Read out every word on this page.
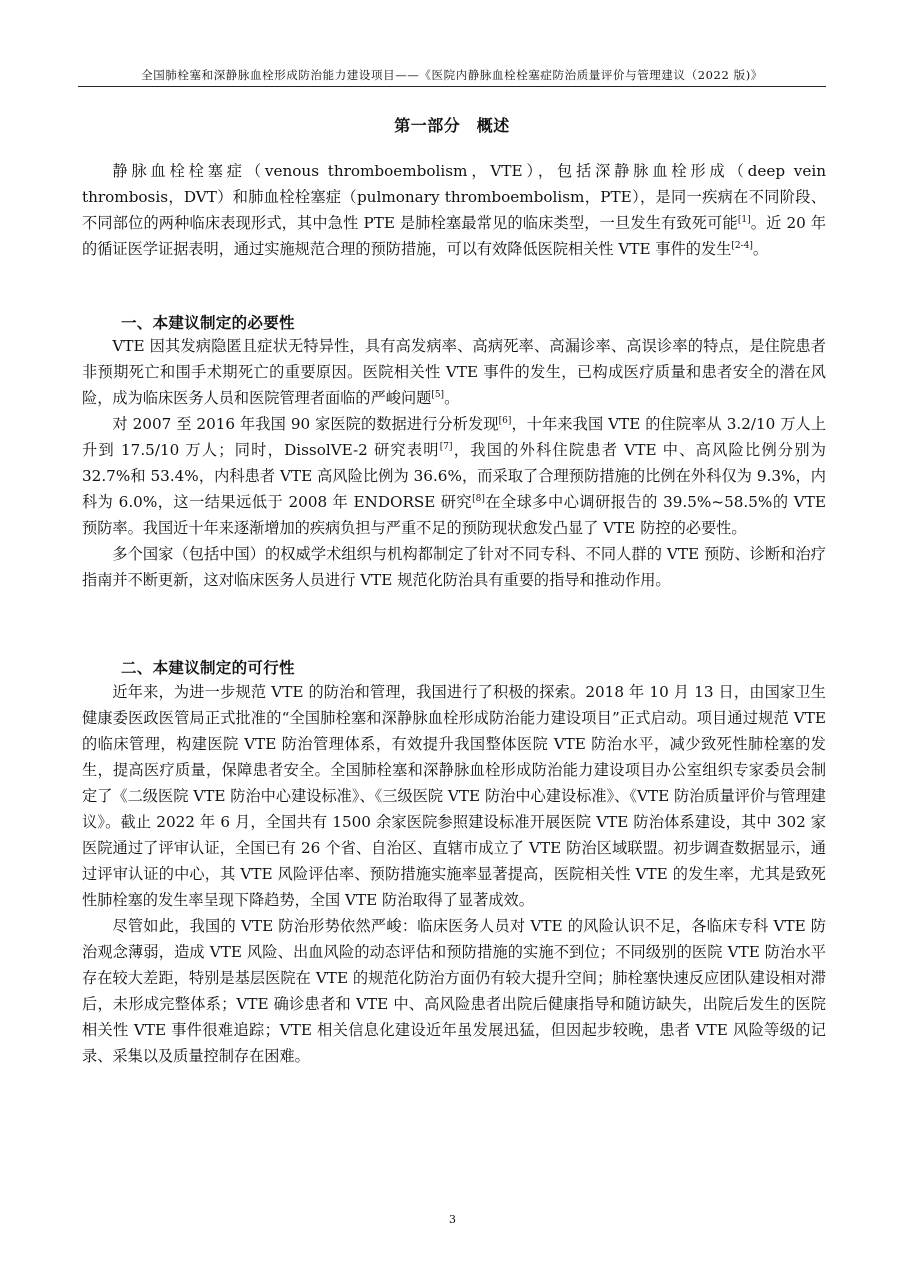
全国肺栓塞和深静脉血栓形成防治能力建设项目——《医院内静脉血栓栓塞症防治质量评价与管理建议（2022 版)》
第一部分　概述

静脉血栓栓塞症（venous thromboembolism，VTE），包括深静脉血栓形成（deep vein thrombosis，DVT）和肺血栓栓塞症（pulmonary thromboembolism，PTE），是同一疾病在不同阶段、不同部位的两种临床表现形式，其中急性 PTE 是肺栓塞最常见的临床类型，一旦发生有致死可能[1]。近 20 年的循证医学证据表明，通过实施规范合理的预防措施，可以有效降低医院相关性 VTE 事件的发生[2-4]。

一、本建议制定的必要性

VTE 因其发病隐匿且症状无特异性，具有高发病率、高病死率、高漏诊率、高误诊率的特点，是住院患者非预期死亡和围手术期死亡的重要原因。医院相关性 VTE 事件的发生，已构成医疗质量和患者安全的潜在风险，成为临床医务人员和医院管理者面临的严峻问题[5]。

对 2007 至 2016 年我国 90 家医院的数据进行分析发现[6]，十年来我国 VTE 的住院率从 3.2/10 万人上升到 17.5/10 万人；同时，DissolVE-2 研究表明[7]，我国的外科住院患者 VTE 中、高风险比例分别为 32.7%和 53.4%，内科患者 VTE 高风险比例为 36.6%，而采取了合理预防措施的比例在外科仅为 9.3%，内科为 6.0%，这一结果远低于 2008 年 ENDORSE 研究[8]在全球多中心调研报告的 39.5%~58.5%的 VTE 预防率。我国近十年来逐渐增加的疾病负担与严重不足的预防现状愈发凸显了 VTE 防控的必要性。

多个国家（包括中国）的权威学术组织与机构都制定了针对不同专科、不同人群的 VTE 预防、诊断和治疗指南并不断更新，这对临床医务人员进行 VTE 规范化防治具有重要的指导和推动作用。

二、本建议制定的可行性

近年来，为进一步规范 VTE 的防治和管理，我国进行了积极的探索。2018 年 10 月 13 日，由国家卫生健康委医政医管局正式批准的“全国肺栓塞和深静脉血栓形成防治能力建设项目”正式启动。项目通过规范 VTE 的临床管理，构建医院 VTE 防治管理体系，有效提升我国整体医院 VTE 防治水平，减少致死性肺栓塞的发生，提高医疗质量，保障患者安全。全国肺栓塞和深静脉血栓形成防治能力建设项目办公室组织专家委员会制定了《二级医院 VTE 防治中心建设标准》、《三级医院 VTE 防治中心建设标准》、《VTE 防治质量评价与管理建议》。截止 2022 年 6 月，全国共有 1500 余家医院参照建设标准开展医院 VTE 防治体系建设，其中 302 家医院通过了评审认证，全国已有 26 个省、自治区、直辖市成立了 VTE 防治区域联盟。初步调查数据显示，通过评审认证的中心，其 VTE 风险评估率、预防措施实施率显著提高，医院相关性 VTE 的发生率，尤其是致死性肺栓塞的发生率呈现下降趋势，全国 VTE 防治取得了显著成效。

尽管如此，我国的 VTE 防治形势依然严峻：临床医务人员对 VTE 的风险认识不足，各临床专科 VTE 防治观念薄弱，造成 VTE 风险、出血风险的动态评估和预防措施的实施不到位；不同级别的医院 VTE 防治水平存在较大差距，特别是基层医院在 VTE 的规范化防治方面仍有较大提升空间；肺栓塞快速反应团队建设相对滞后，未形成完整体系；VTE 确诊患者和 VTE 中、高风险患者出院后健康指导和随访缺失，出院后发生的医院相关性 VTE 事件很难追踪；VTE 相关信息化建设近年虽发展迅猛，但因起步较晚，患者 VTE 风险等级的记录、采集以及质量控制存在困难。

3
